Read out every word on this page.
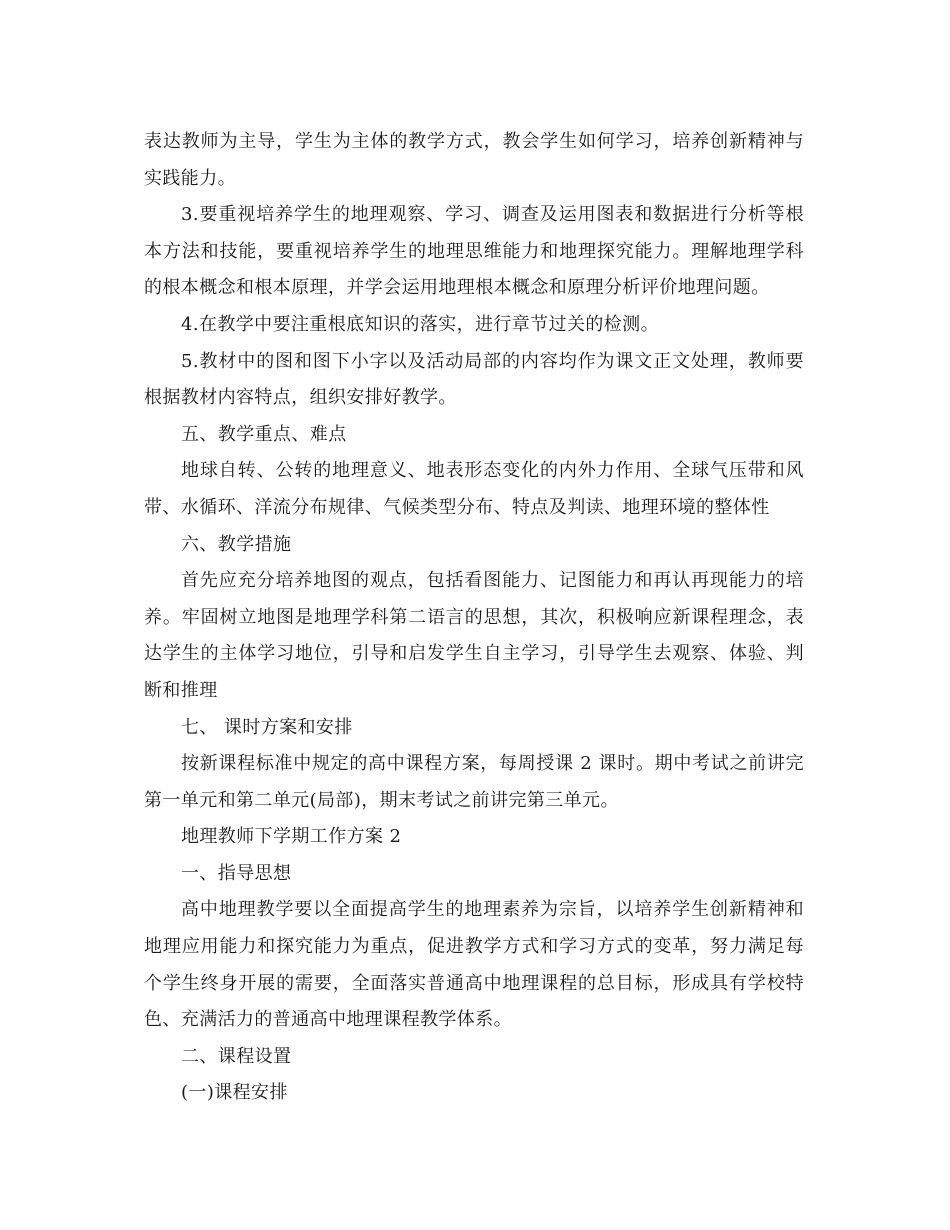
表达教师为主导，学生为主体的教学方式，教会学生如何学习，培养创新精神与实践能力。

3.要重视培养学生的地理观察、学习、调查及运用图表和数据进行分析等根本方法和技能，要重视培养学生的地理思维能力和地理探究能力。理解地理学科的根本概念和根本原理，并学会运用地理根本概念和原理分析评价地理问题。

4.在教学中要注重根底知识的落实，进行章节过关的检测。

5.教材中的图和图下小字以及活动局部的内容均作为课文正文处理，教师要根据教材内容特点，组织安排好教学。

五、教学重点、难点

地球自转、公转的地理意义、地表形态变化的内外力作用、全球气压带和风带、水循环、洋流分布规律、气候类型分布、特点及判读、地理环境的整体性

六、教学措施

首先应充分培养地图的观点，包括看图能力、记图能力和再认再现能力的培养。牢固树立地图是地理学科第二语言的思想，其次，积极响应新课程理念，表达学生的主体学习地位，引导和启发学生自主学习，引导学生去观察、体验、判断和推理

七、 课时方案和安排

按新课程标准中规定的高中课程方案，每周授课 2 课时。期中考试之前讲完第一单元和第二单元(局部)，期末考试之前讲完第三单元。

地理教师下学期工作方案 2

一、指导思想

高中地理教学要以全面提高学生的地理素养为宗旨，以培养学生创新精神和地理应用能力和探究能力为重点，促进教学方式和学习方式的变革，努力满足每个学生终身开展的需要，全面落实普通高中地理课程的总目标，形成具有学校特色、充满活力的普通高中地理课程教学体系。

二、课程设置

(一)课程安排
